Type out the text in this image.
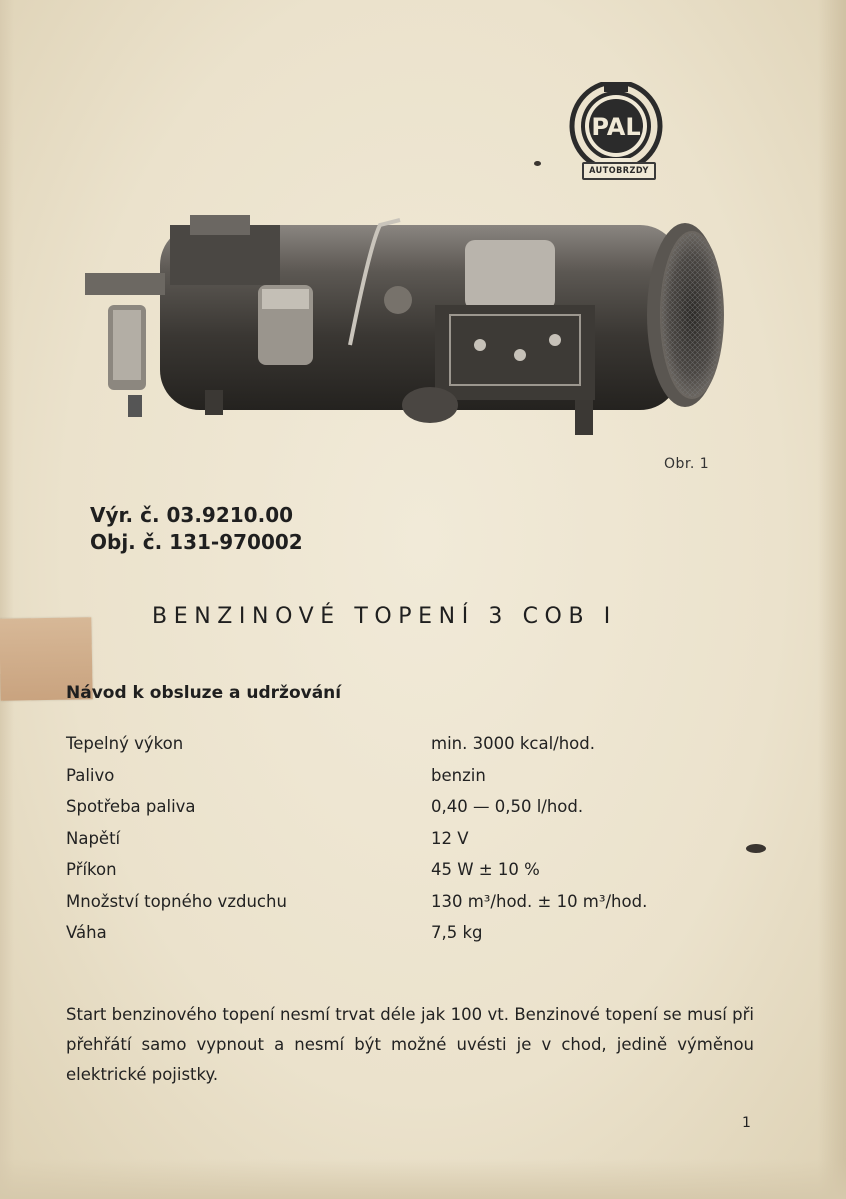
PAL
AUTOBRZDY
Obr. 1
Výr. č. 03.9210.00
Obj. č. 131-970002
BENZINOVÉ TOPENÍ 3 COB I
Návod k obsluze a udržování
Tepelný výkon	min. 3000 kcal/hod.
Palivo	benzin
Spotřeba paliva	0,40 — 0,50 l/hod.
Napětí	12 V
Příkon	45 W ± 10 %
Množství topného vzduchu	130 m³/hod. ± 10 m³/hod.
Váha	7,5 kg
Start benzinového topení nesmí trvat déle jak 100 vt. Benzinové topení se musí při přehřátí samo vypnout a nesmí být možné uvésti je v chod, jedině výměnou elektrické pojistky.
1
